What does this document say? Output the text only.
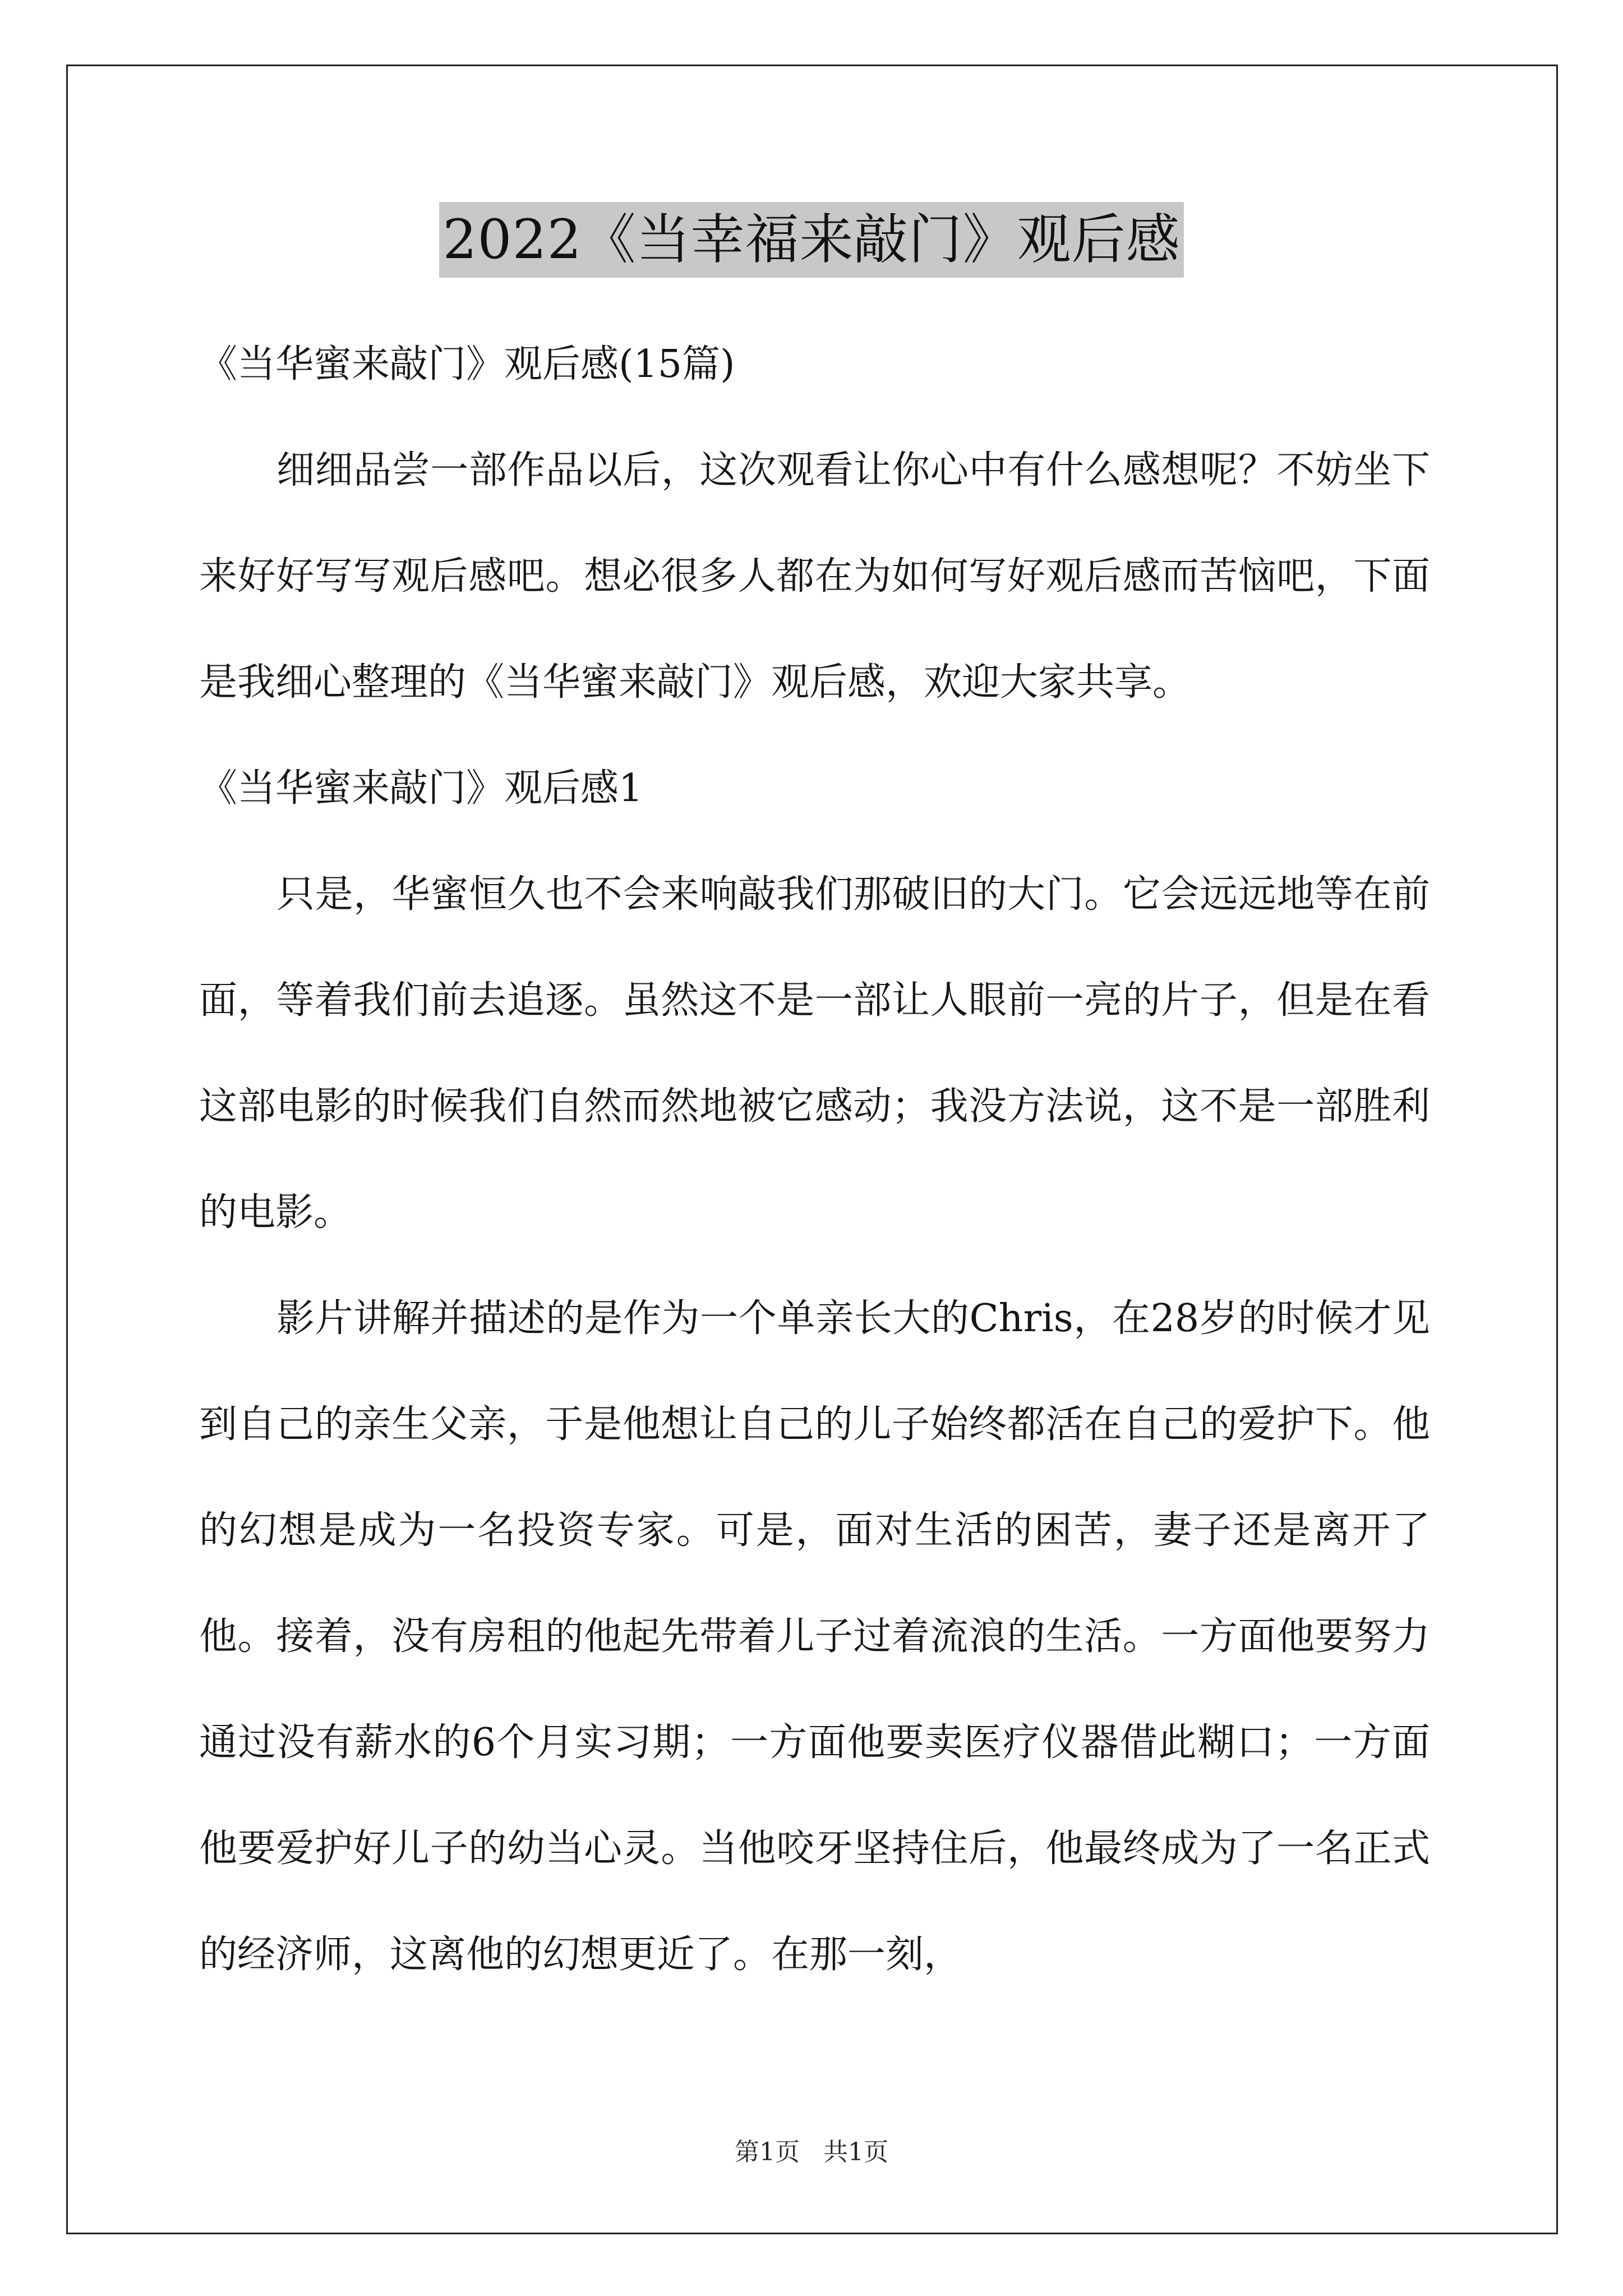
2022《当幸福来敲门》观后感

《当华蜜来敲门》观后感(15篇)

细细品尝一部作品以后，这次观看让你心中有什么感想呢？不妨坐下来好好写写观后感吧。想必很多人都在为如何写好观后感而苦恼吧，下面是我细心整理的《当华蜜来敲门》观后感，欢迎大家共享。

《当华蜜来敲门》观后感1

只是，华蜜恒久也不会来响敲我们那破旧的大门。它会远远地等在前面，等着我们前去追逐。虽然这不是一部让人眼前一亮的片子，但是在看这部电影的时候我们自然而然地被它感动；我没方法说，这不是一部胜利的电影。

影片讲解并描述的是作为一个单亲长大的Chris，在28岁的时候才见到自己的亲生父亲，于是他想让自己的儿子始终都活在自己的爱护下。他的幻想是成为一名投资专家。可是，面对生活的困苦，妻子还是离开了他。接着，没有房租的他起先带着儿子过着流浪的生活。一方面他要努力通过没有薪水的6个月实习期；一方面他要卖医疗仪器借此糊口；一方面他要爱护好儿子的幼当心灵。当他咬牙坚持住后，他最终成为了一名正式的经济师，这离他的幻想更近了。在那一刻，

第1页 共1页
